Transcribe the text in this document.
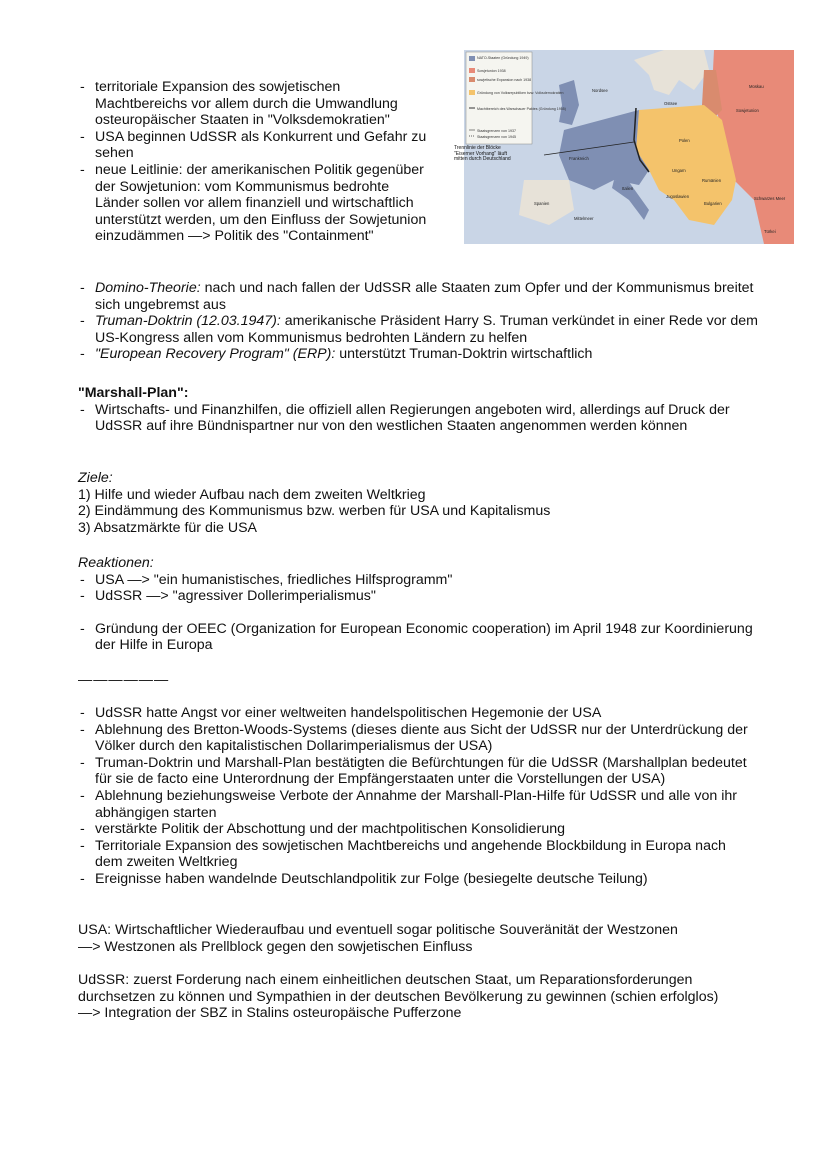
- territoriale Expansion des sowjetischen Machtbereichs vor allem durch die Umwandlung osteuropäischer Staaten in "Volksdemokratien"
- USA beginnen UdSSR als Konkurrent und Gefahr zu sehen
- neue Leitlinie: der amerikanischen Politik gegenüber der Sowjetunion: vom Kommunismus bedrohte Länder sollen vor allem finanziell und wirtschaftlich unterstützt werden, um den Einfluss der Sowjetunion einzudämmen —> Politik des "Containment"
NATO-Staaten (Gründung 1949)
Sowjetunion 1938
sowjetische Expansion nach 1938
Gründung von Volksrepubliken bzw. Volksdemokratien
Machtbereich des Warschauer Paktes (Gründung 1955)
Staatsgrenzen von 1937
Staatsgrenzen von 1945
Trennlinie der Blöcke "Eiserner Vorhang" läuft mitten durch Deutschland
Moskau
Sowjetunion
Polen
Ungarn
Rumänien
Bulgarien
Jugoslawien
Frankreich
Spanien
Italien
Türkei
Schwarzes Meer
Nordsee
Ostsee
Mittelmeer
- Domino-Theorie: nach und nach fallen der UdSSR alle Staaten zum Opfer und der Kommunismus breitet sich ungebremst aus
- Truman-Doktrin (12.03.1947): amerikanische Präsident Harry S. Truman verkündet in einer Rede vor dem US-Kongress allen vom Kommunismus bedrohten Ländern zu helfen
- "European Recovery Program" (ERP): unterstützt Truman-Doktrin wirtschaftlich
"Marshall-Plan":
- Wirtschafts- und Finanzhilfen, die offiziell allen Regierungen angeboten wird, allerdings auf Druck der UdSSR auf ihre Bündnispartner nur von den westlichen Staaten angenommen werden können
Ziele:
1) Hilfe und wieder Aufbau nach dem zweiten Weltkrieg
2) Eindämmung des Kommunismus bzw. werben für USA und Kapitalismus
3) Absatzmärkte für die USA
Reaktionen:
- USA —> "ein humanistisches, friedliches Hilfsprogramm"
- UdSSR —> "agressiver Dollerimperialismus"
- Gründung der OEEC (Organization for European Economic cooperation) im April 1948 zur Koordinierung der Hilfe in Europa
——————
- UdSSR hatte Angst vor einer weltweiten handelspolitischen Hegemonie der USA
- Ablehnung des Bretton-Woods-Systems (dieses diente aus Sicht der UdSSR nur der Unterdrückung der Völker durch den kapitalistischen Dollarimperialismus der USA)
- Truman-Doktrin und Marshall-Plan bestätigten die Befürchtungen für die UdSSR (Marshallplan bedeutet für sie de facto eine Unterordnung der Empfängerstaaten unter die Vorstellungen der USA)
- Ablehnung beziehungsweise Verbote der Annahme der Marshall-Plan-Hilfe für UdSSR und alle von ihr abhängigen starten
- verstärkte Politik der Abschottung und der machtpolitischen Konsolidierung
- Territoriale Expansion des sowjetischen Machtbereichs und angehende Blockbildung in Europa nach dem zweiten Weltkrieg
- Ereignisse haben wandelnde Deutschlandpolitik zur Folge (besiegelte deutsche Teilung)
USA: Wirtschaftlicher Wiederaufbau und eventuell sogar politische Souveränität der Westzonen
—> Westzonen als Prellblock gegen den sowjetischen Einfluss
UdSSR: zuerst Forderung nach einem einheitlichen deutschen Staat, um Reparationsforderungen durchsetzen zu können und Sympathien in der deutschen Bevölkerung zu gewinnen (schien erfolglos)
—> Integration der SBZ in Stalins osteuropäische Pufferzone
